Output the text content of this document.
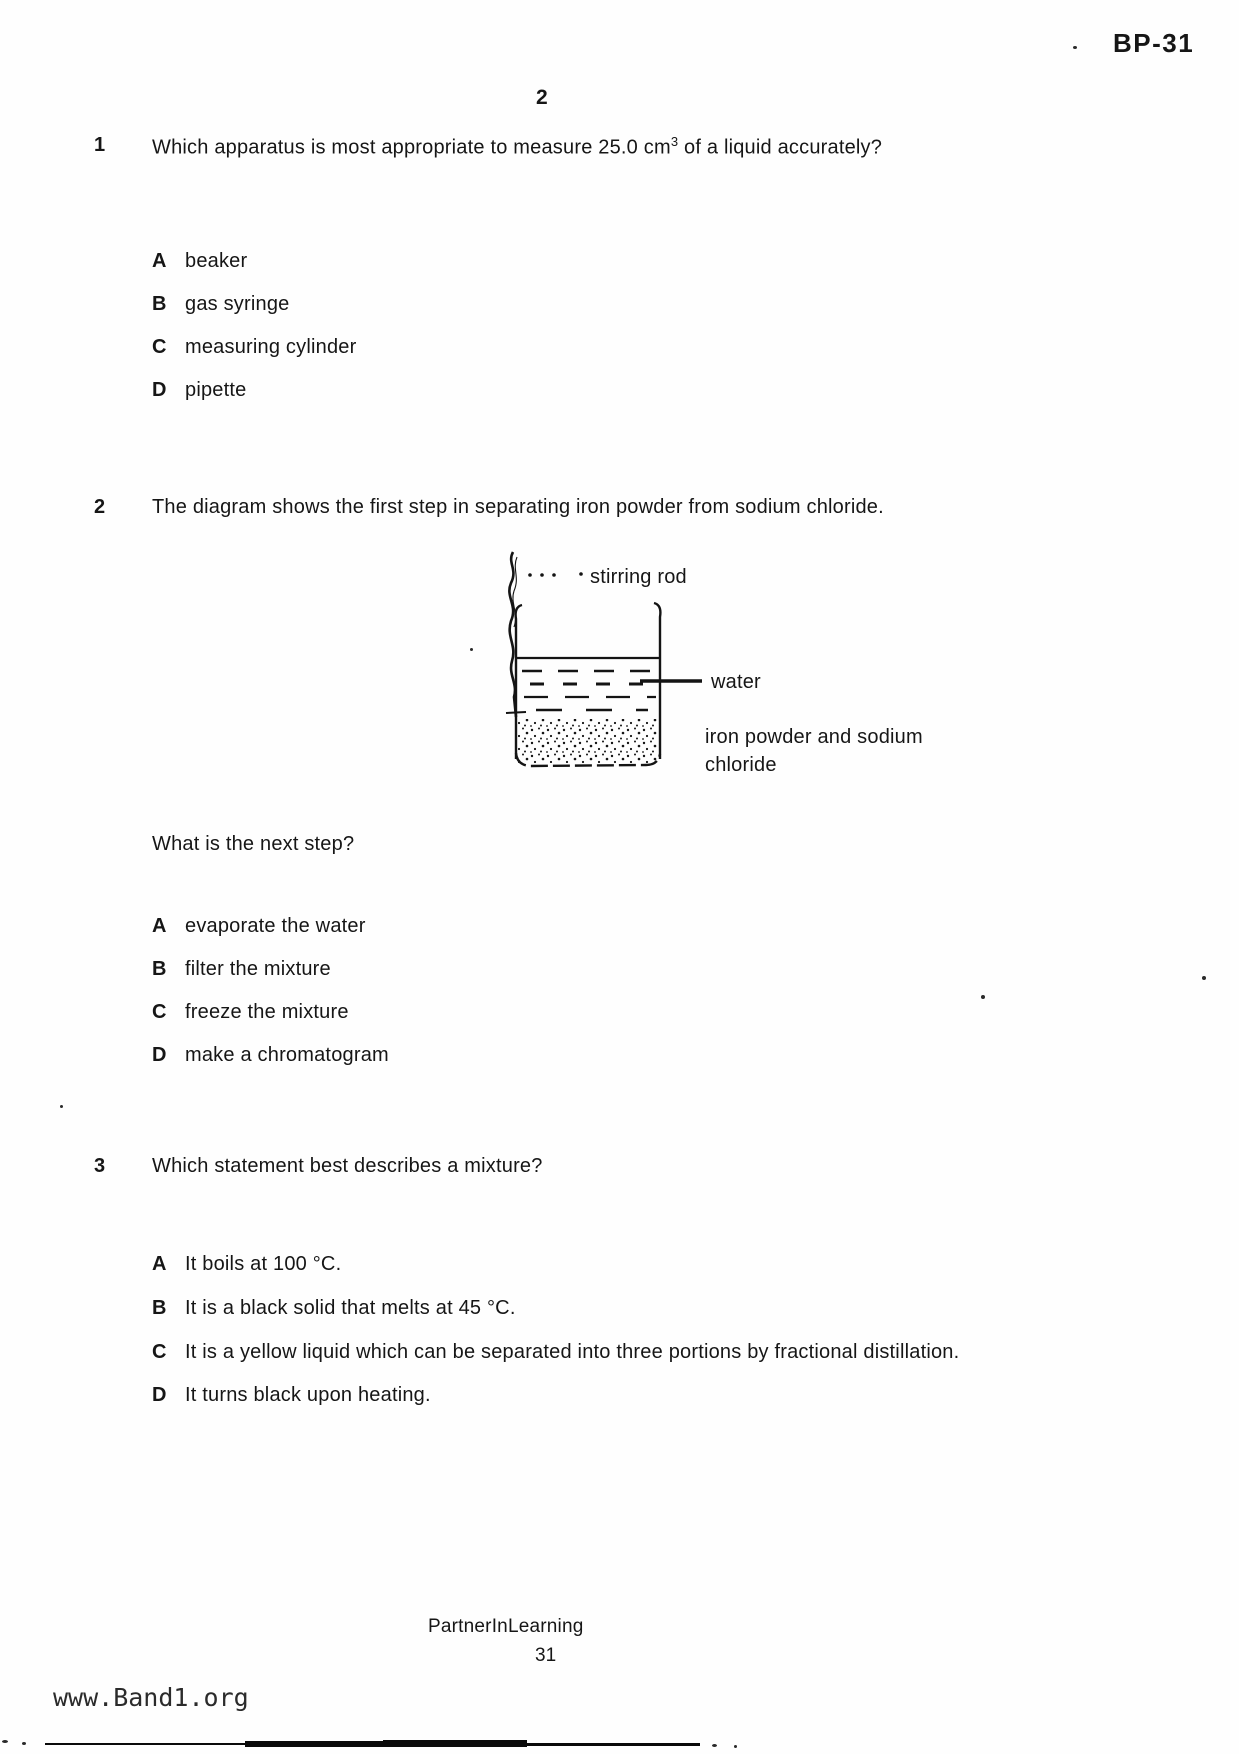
BP-31
2
1 Which apparatus is most appropriate to measure 25.0 $cm^3$ of a liquid accurately?
A beaker
B gas syringe
C measuring cylinder
D pipette
2 The diagram shows the first step in separating iron powder from sodium chloride.
stirring rod
water
iron powder and sodium
chloride
What is the next step?
A evaporate the water
B filter the mixture
C freeze the mixture
D make a chromatogram
3 Which statement best describes a mixture?
A It boils at 100 °C.
B It is a black solid that melts at 45 °C.
C It is a yellow liquid which can be separated into three portions by fractional distillation.
D It turns black upon heating.
PartnerInLearning
31
www.Band1.org
